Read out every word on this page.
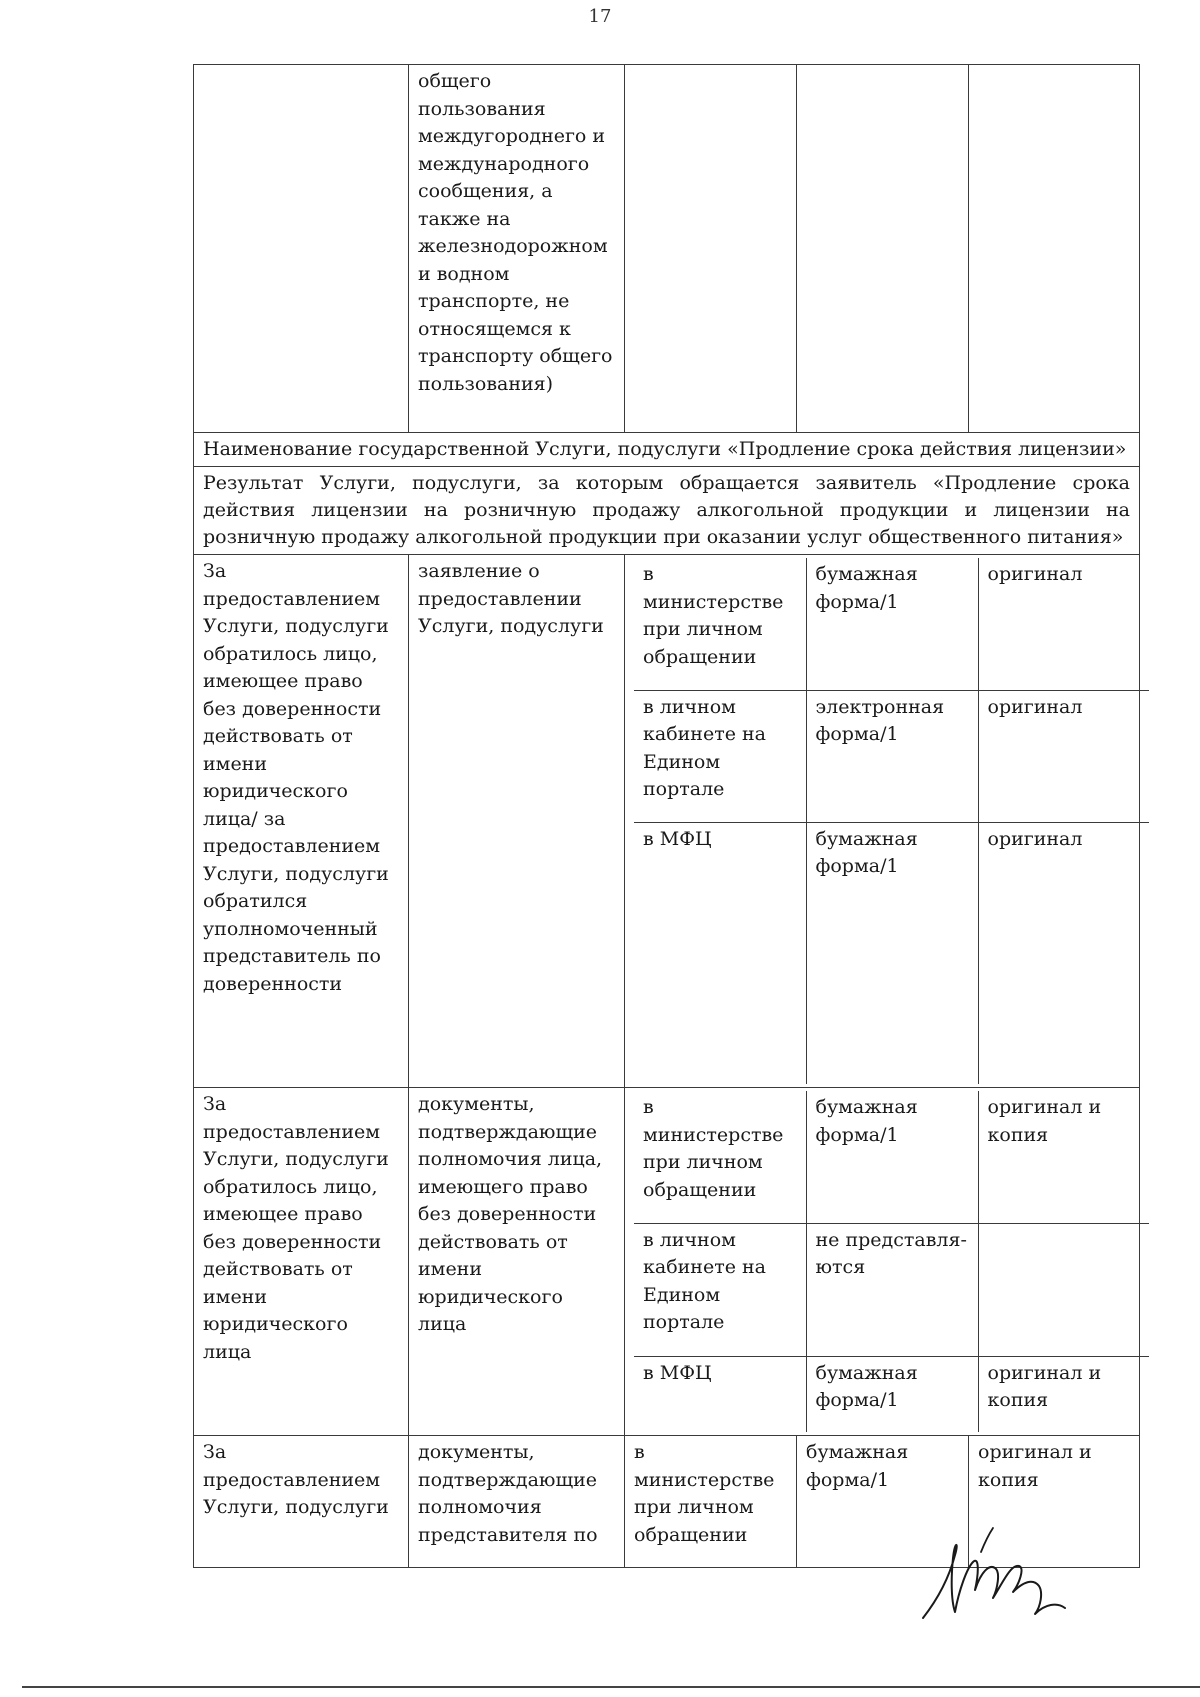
17
	общего пользования междугороднего и международного сообщения, а также на железнодорожном и водном транспорте, не относящемся к транспорту общего пользования)			
Наименование государственной Услуги, подуслуги «Продление срока действия лицензии»
Результат Услуги, подуслуги, за которым обращается заявитель «Продление срока действия лицензии на розничную продажу алкогольной продукции и лицензии на розничную продажу алкогольной продукции при оказании услуг общественного питания»
За предоставлением Услуги, подуслуги обратилось лицо, имеющее право без доверенности действовать от имени юридического лица/ за предоставлением Услуги, подуслуги обратился уполномоченный представитель по доверенности	заявление о предоставлении Услуги, подуслуги	
в министерстве при личном обращении	бумажная форма/1	оригинал
в личном кабинете на Едином портале	электронная форма/1	оригинал
в МФЦ	бумажная форма/1	оригинал

За предоставлением Услуги, подуслуги обратилось лицо, имеющее право без доверенности действовать от имени юридического лица	документы, подтверждающие полномочия лица, имеющего право без доверенности действовать от имени юридического лица	
в министерстве при личном обращении	бумажная форма/1	оригинал и копия
в личном кабинете на Едином портале	не представля-ются	
в МФЦ	бумажная форма/1	оригинал и копия

За предоставлением Услуги, подуслуги	документы, подтверждающие полномочия представителя по	в министерстве при личном обращении	бумажная форма/1	оригинал и копия
